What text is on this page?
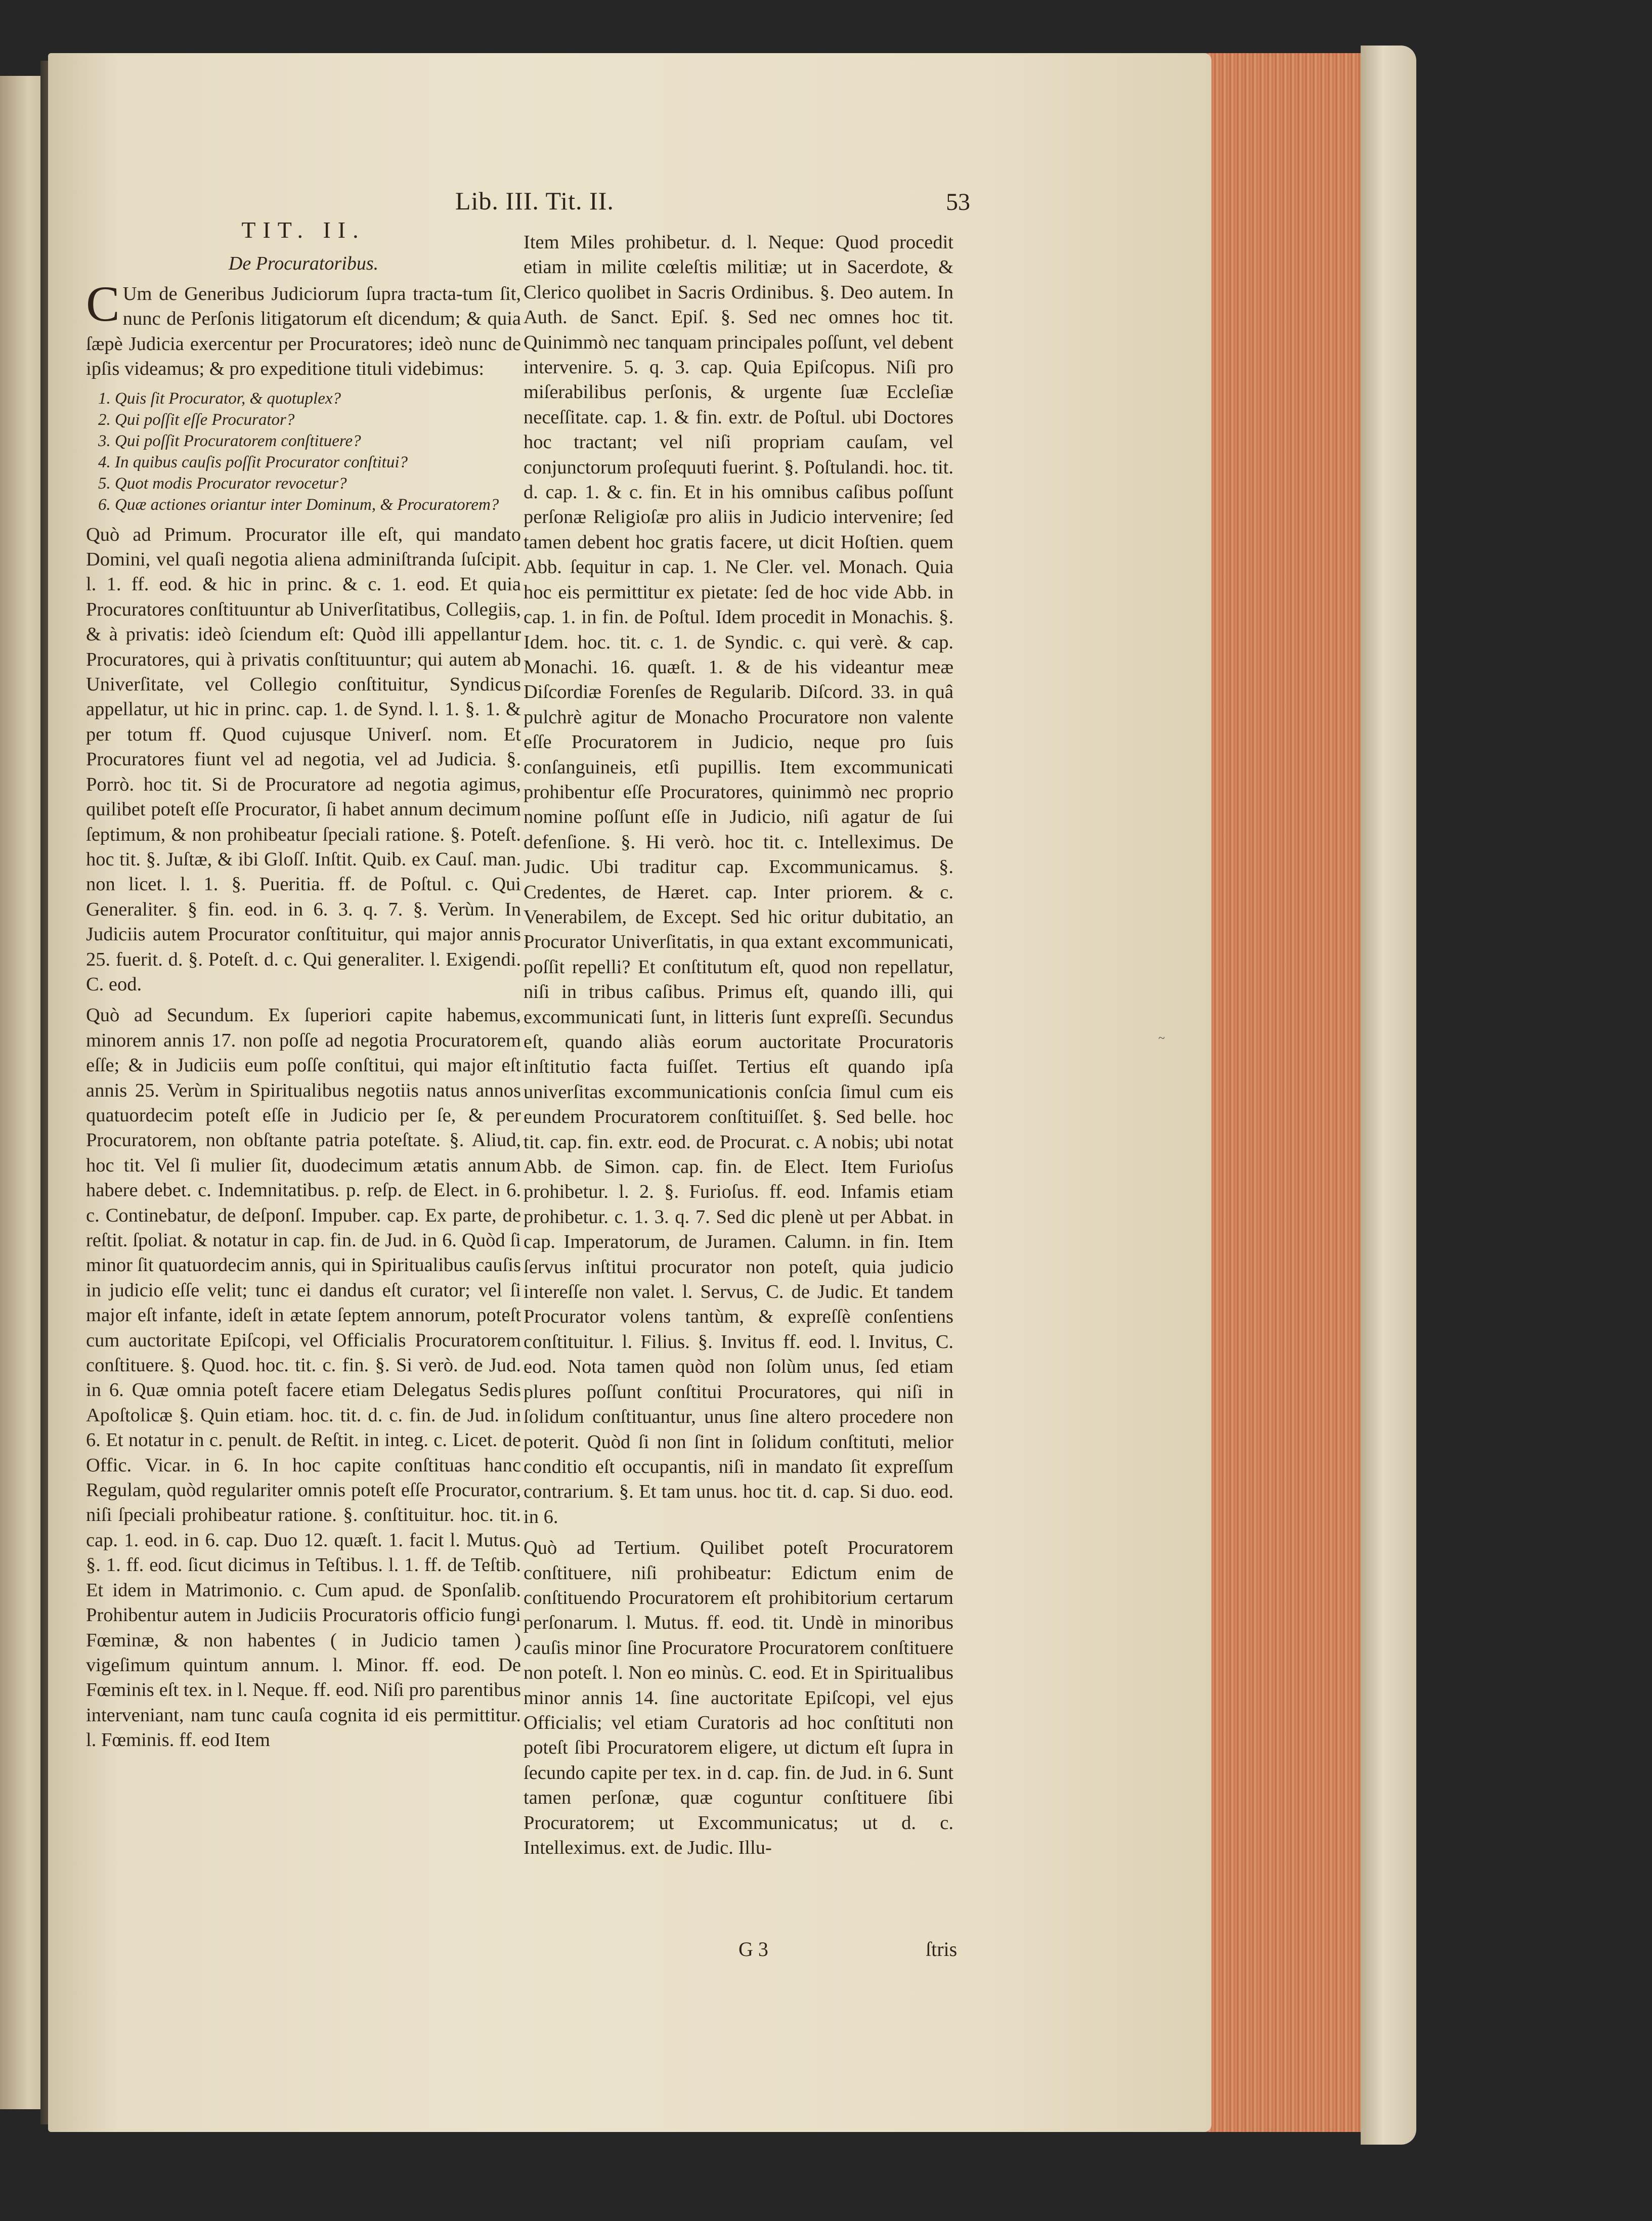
Lib. III. Tit. II.	53
TIT. II.
De Procuratoribus.

C Um de Generibus Judiciorum ſupra tracta-tum ſit, nunc de Perſonis litigatorum eſt dicendum; & quia ſæpè Judicia exercentur per Procuratores; ideò nunc de ipſis videamus; & pro expeditione tituli videbimus:

1. Quis ſit Procurator, & quotuplex?
2. Qui poſſit eſſe Procurator?
3. Qui poſſit Procuratorem conſtituere?
4. In quibus cauſis poſſit Procurator conſtitui?
5. Quot modis Procurator revocetur?
6. Quæ actiones oriantur inter Dominum, & Procuratorem?

Quò ad Primum. Procurator ille eſt, qui mandato Domini, vel quaſi negotia aliena adminiſtranda ſuſcipit. l. 1. ff. eod. & hic in princ. & c. 1. eod. Et quia Procuratores conſtituuntur ab Univerſitatibus, Collegiis, & à privatis: ideò ſciendum eſt: Quòd illi appellantur Procuratores, qui à privatis conſtituuntur; qui autem ab Univerſitate, vel Collegio conſtituitur, Syndicus appellatur, ut hic in princ. cap. 1. de Synd. l. 1. §. 1. & per totum ff. Quod cujusque Univerſ. nom. Et Procuratores fiunt vel ad negotia, vel ad Judicia. §. Porrò. hoc tit. Si de Procuratore ad negotia agimus, quilibet poteſt eſſe Procurator, ſi habet annum decimum ſeptimum, & non prohibeatur ſpeciali ratione. §. Poteſt. hoc tit. §. Juſtæ, & ibi Gloſſ. Inſtit. Quib. ex Cauſ. man. non licet. l. 1. §. Pueritia. ff. de Poſtul. c. Qui Generaliter. § fin. eod. in 6. 3. q. 7. §. Verùm. In Judiciis autem Procurator conſtituitur, qui major annis 25. fuerit. d. §. Poteſt. d. c. Qui generaliter. l. Exigendi. C. eod.

Quò ad Secundum. Ex ſuperiori capite habemus, minorem annis 17. non poſſe ad negotia Procuratorem eſſe; & in Judiciis eum poſſe conſtitui, qui major eſt annis 25. Verùm in Spiritualibus negotiis natus annos quatuordecim poteſt eſſe in Judicio per ſe, & per Procuratorem, non obſtante patria poteſtate. §. Aliud, hoc tit. Vel ſi mulier ſit, duodecimum ætatis annum habere debet. c. Indemnitatibus. p. reſp. de Elect. in 6. c. Continebatur, de deſponſ. Impuber. cap. Ex parte, de reſtit. ſpoliat. & notatur in cap. fin. de Jud. in 6. Quòd ſi minor ſit quatuordecim annis, qui in Spiritualibus cauſis in judicio eſſe velit; tunc ei dandus eſt curator; vel ſi major eſt infante, ideſt in ætate ſeptem annorum, poteſt cum auctoritate Epiſcopi, vel Officialis Procuratorem conſtituere. §. Quod. hoc. tit. c. fin. §. Si verò. de Jud. in 6. Quæ omnia poteſt facere etiam Delegatus Sedis Apoſtolicæ §. Quin etiam. hoc. tit. d. c. fin. de Jud. in 6. Et notatur in c. penult. de Reſtit. in integ. c. Licet. de Offic. Vicar. in 6. In hoc capite conſtituas hanc Regulam, quòd regulariter omnis poteſt eſſe Procurator, niſi ſpeciali prohibeatur ratione. §. conſtituitur. hoc. tit. cap. 1. eod. in 6. cap. Duo 12. quæſt. 1. facit l. Mutus. §. 1. ff. eod. ſicut dicimus in Teſtibus. l. 1. ff. de Teſtib. Et idem in Matrimonio. c. Cum apud. de Sponſalib. Prohibentur autem in Judiciis Procuratoris officio fungi Fœminæ, & non habentes ( in Judicio tamen ) vigeſimum quintum annum. l. Minor. ff. eod. De Fœminis eſt tex. in l. Neque. ff. eod. Niſi pro parentibus interveniant, nam tunc cauſa cognita id eis permittitur. l. Fœminis. ff. eod Item

Item Miles prohibetur. d. l. Neque: Quod procedit etiam in milite cœleſtis militiæ; ut in Sacerdote, & Clerico quolibet in Sacris Ordinibus. §. Deo autem. In Auth. de Sanct. Epiſ. §. Sed nec omnes hoc tit. Quinimmò nec tanquam principales poſſunt, vel debent intervenire. 5. q. 3. cap. Quia Epiſcopus. Niſi pro miſerabilibus perſonis, & urgente ſuæ Eccleſiæ neceſſitate. cap. 1. & fin. extr. de Poſtul. ubi Doctores hoc tractant; vel niſi propriam cauſam, vel conjunctorum proſequuti fuerint. §. Poſtulandi. hoc. tit. d. cap. 1. & c. fin. Et in his omnibus caſibus poſſunt perſonæ Religioſæ pro aliis in Judicio intervenire; ſed tamen debent hoc gratis facere, ut dicit Hoſtien. quem Abb. ſequitur in cap. 1. Ne Cler. vel. Monach. Quia hoc eis permittitur ex pietate: ſed de hoc vide Abb. in cap. 1. in fin. de Poſtul. Idem procedit in Monachis. §. Idem. hoc. tit. c. 1. de Syndic. c. qui verè. & cap. Monachi. 16. quæſt. 1. & de his videantur meæ Diſcordiæ Forenſes de Regularib. Diſcord. 33. in quâ pulchrè agitur de Monacho Procuratore non valente eſſe Procuratorem in Judicio, neque pro ſuis conſanguineis, etſi pupillis. Item excommunicati prohibentur eſſe Procuratores, quinimmò nec proprio nomine poſſunt eſſe in Judicio, niſi agatur de ſui defenſione. §. Hi verò. hoc tit. c. Intelleximus. De Judic. Ubi traditur cap. Excommunicamus. §. Credentes, de Hæret. cap. Inter priorem. & c. Venerabilem, de Except. Sed hic oritur dubitatio, an Procurator Univerſitatis, in qua extant excommunicati, poſſit repelli? Et conſtitutum eſt, quod non repellatur, niſi in tribus caſibus. Primus eſt, quando illi, qui excommunicati ſunt, in litteris ſunt expreſſi. Secundus eſt, quando aliàs eorum auctoritate Procuratoris inſtitutio facta fuiſſet. Tertius eſt quando ipſa univerſitas excommunicationis conſcia ſimul cum eis eundem Procuratorem conſtituiſſet. §. Sed belle. hoc tit. cap. fin. extr. eod. de Procurat. c. A nobis; ubi notat Abb. de Simon. cap. fin. de Elect. Item Furioſus prohibetur. l. 2. §. Furioſus. ff. eod. Infamis etiam prohibetur. c. 1. 3. q. 7. Sed dic plenè ut per Abbat. in cap. Imperatorum, de Juramen. Calumn. in fin. Item ſervus inſtitui procurator non poteſt, quia judicio intereſſe non valet. l. Servus, C. de Judic. Et tandem Procurator volens tantùm, & expreſſè conſentiens conſtituitur. l. Filius. §. Invitus ff. eod. l. Invitus, C. eod. Nota tamen quòd non ſolùm unus, ſed etiam plures poſſunt conſtitui Procuratores, qui niſi in ſolidum conſtituantur, unus ſine altero procedere non poterit. Quòd ſi non ſint in ſolidum conſtituti, melior conditio eſt occupantis, niſi in mandato ſit expreſſum contrarium. §. Et tam unus. hoc tit. d. cap. Si duo. eod. in 6.

Quò ad Tertium. Quilibet poteſt Procuratorem conſtituere, niſi prohibeatur: Edictum enim de conſtituendo Procuratorem eſt prohibitorium certarum perſonarum. l. Mutus. ff. eod. tit. Undè in minoribus cauſis minor ſine Procuratore Procuratorem conſtituere non poteſt. l. Non eo minùs. C. eod. Et in Spiritualibus minor annis 14. ſine auctoritate Epiſcopi, vel ejus Officialis; vel etiam Curatoris ad hoc conſtituti non poteſt ſibi Procuratorem eligere, ut dictum eſt ſupra in ſecundo capite per tex. in d. cap. fin. de Jud. in 6. Sunt tamen perſonæ, quæ coguntur conſtituere ſibi Procuratorem; ut Excommunicatus; ut d. c. Intelleximus. ext. de Judic. Illu-

G 3	ſtris
~
